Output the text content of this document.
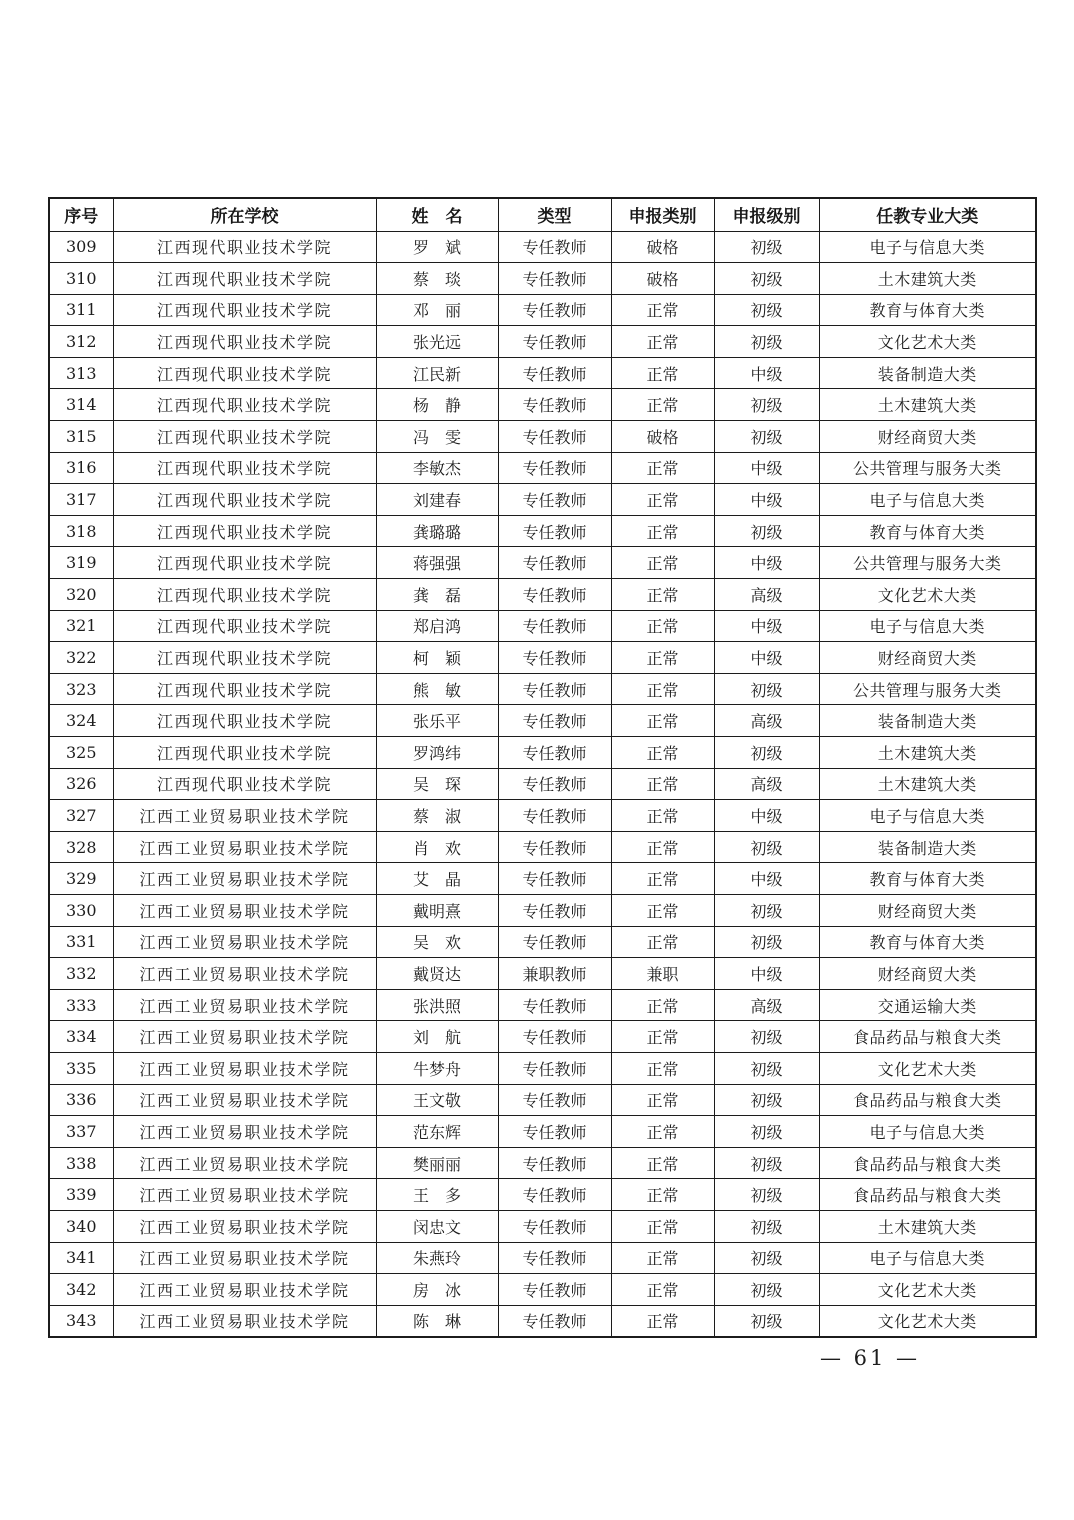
序号	所在学校	姓　名	类型	申报类别	申报级别	任教专业大类
309	江西现代职业技术学院	罗　斌	专任教师	破格	初级	电子与信息大类
310	江西现代职业技术学院	蔡　琰	专任教师	破格	初级	土木建筑大类
311	江西现代职业技术学院	邓　丽	专任教师	正常	初级	教育与体育大类
312	江西现代职业技术学院	张光远	专任教师	正常	初级	文化艺术大类
313	江西现代职业技术学院	江民新	专任教师	正常	中级	装备制造大类
314	江西现代职业技术学院	杨　静	专任教师	正常	初级	土木建筑大类
315	江西现代职业技术学院	冯　雯	专任教师	破格	初级	财经商贸大类
316	江西现代职业技术学院	李敏杰	专任教师	正常	中级	公共管理与服务大类
317	江西现代职业技术学院	刘建春	专任教师	正常	中级	电子与信息大类
318	江西现代职业技术学院	龚璐璐	专任教师	正常	初级	教育与体育大类
319	江西现代职业技术学院	蒋强强	专任教师	正常	中级	公共管理与服务大类
320	江西现代职业技术学院	龚　磊	专任教师	正常	高级	文化艺术大类
321	江西现代职业技术学院	郑启鸿	专任教师	正常	中级	电子与信息大类
322	江西现代职业技术学院	柯　颖	专任教师	正常	中级	财经商贸大类
323	江西现代职业技术学院	熊　敏	专任教师	正常	初级	公共管理与服务大类
324	江西现代职业技术学院	张乐平	专任教师	正常	高级	装备制造大类
325	江西现代职业技术学院	罗鸿纬	专任教师	正常	初级	土木建筑大类
326	江西现代职业技术学院	吴　琛	专任教师	正常	高级	土木建筑大类
327	江西工业贸易职业技术学院	蔡　淑	专任教师	正常	中级	电子与信息大类
328	江西工业贸易职业技术学院	肖　欢	专任教师	正常	初级	装备制造大类
329	江西工业贸易职业技术学院	艾　晶	专任教师	正常	中级	教育与体育大类
330	江西工业贸易职业技术学院	戴明熹	专任教师	正常	初级	财经商贸大类
331	江西工业贸易职业技术学院	吴　欢	专任教师	正常	初级	教育与体育大类
332	江西工业贸易职业技术学院	戴贤达	兼职教师	兼职	中级	财经商贸大类
333	江西工业贸易职业技术学院	张洪照	专任教师	正常	高级	交通运输大类
334	江西工业贸易职业技术学院	刘　航	专任教师	正常	初级	食品药品与粮食大类
335	江西工业贸易职业技术学院	牛梦舟	专任教师	正常	初级	文化艺术大类
336	江西工业贸易职业技术学院	王文敬	专任教师	正常	初级	食品药品与粮食大类
337	江西工业贸易职业技术学院	范东辉	专任教师	正常	初级	电子与信息大类
338	江西工业贸易职业技术学院	樊丽丽	专任教师	正常	初级	食品药品与粮食大类
339	江西工业贸易职业技术学院	王　多	专任教师	正常	初级	食品药品与粮食大类
340	江西工业贸易职业技术学院	闵忠文	专任教师	正常	初级	土木建筑大类
341	江西工业贸易职业技术学院	朱燕玲	专任教师	正常	初级	电子与信息大类
342	江西工业贸易职业技术学院	房　冰	专任教师	正常	初级	文化艺术大类
343	江西工业贸易职业技术学院	陈　琳	专任教师	正常	初级	文化艺术大类
— 61 —
